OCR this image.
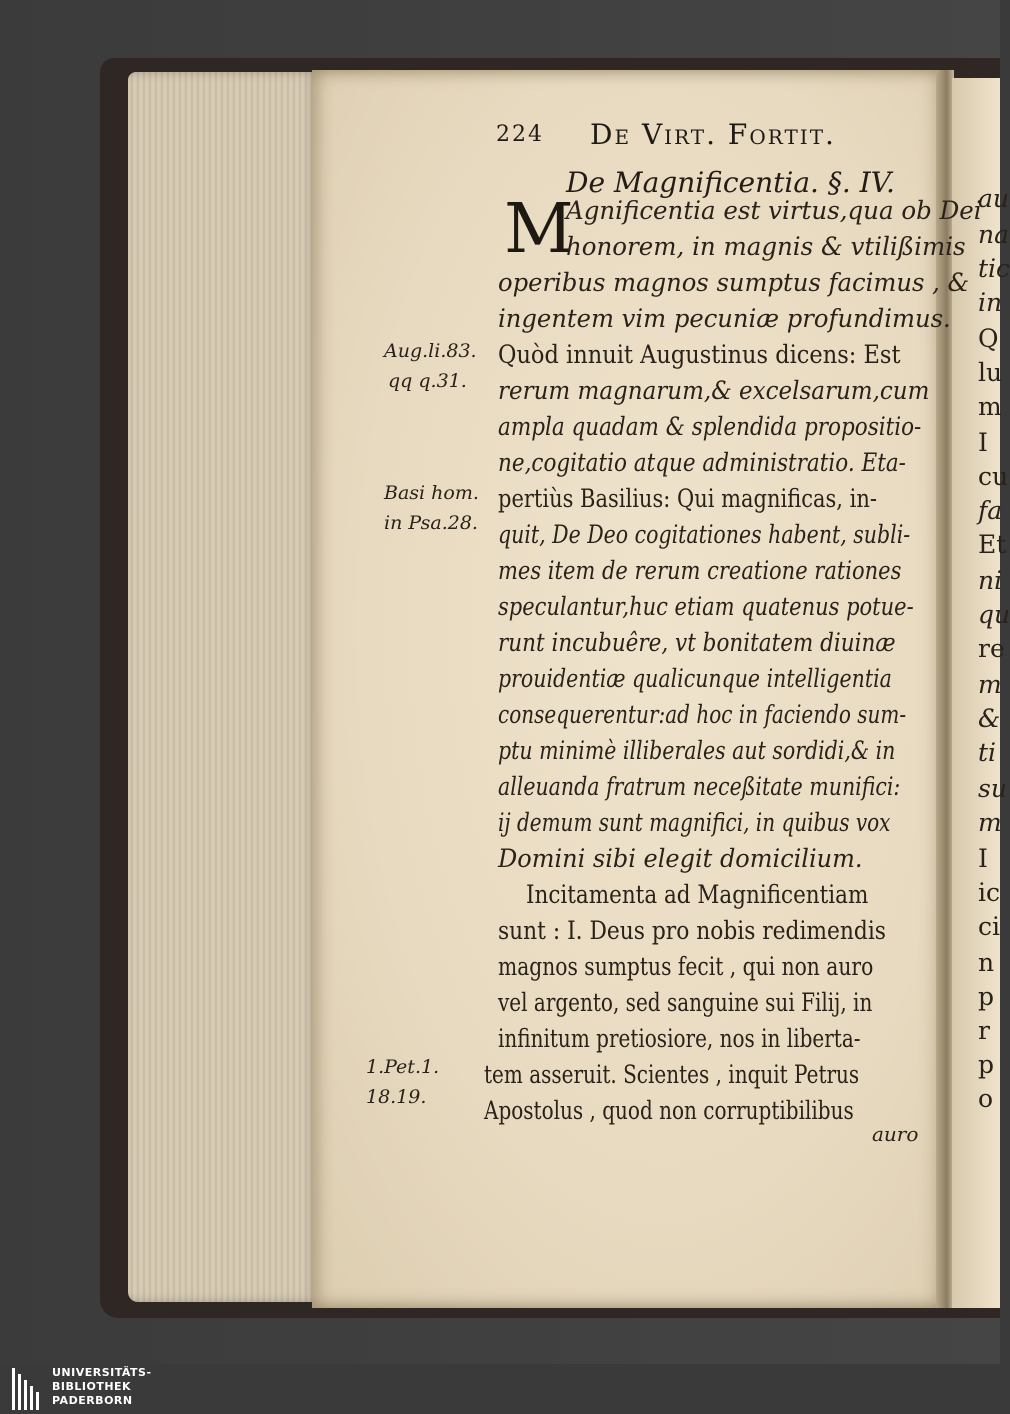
au
na
tic
in
Q
lu
m
I
cu
fa
Et
ni
qu
re
m
&
ti
su
m
I
ic
ci
n
p
r
p
o
224 De Virt. Fortit.
De Magnificentia. §. IV.
M
Agnificentia est virtus,qua ob Dei
honorem, in magnis & vtilißimis
operibus magnos sumptus facimus , &
ingentem vim pecuniæ profundimus.
Quòd innuit Augustinus dicens: Est
rerum magnarum,& excelsarum,cum
ampla quadam & splendida propositio-
ne,cogitatio atque administratio. Eta-
pertiùs Basilius: Qui magnificas, in-
quit, De Deo cogitationes habent, subli-
mes item de rerum creatione rationes
speculantur,huc etiam quatenus potue-
runt incubuêre, vt bonitatem diuinæ
prouidentiæ qualicunque intelligentia
consequerentur:ad hoc in faciendo sum-
ptu minimè illiberales aut sordidi,& in
alleuanda fratrum neceßitate munifici:
ij demum sunt magnifici, in quibus vox
Domini sibi elegit domicilium.
Incitamenta ad Magnificentiam
sunt : I. Deus pro nobis redimendis
magnos sumptus fecit , qui non auro
vel argento, sed sanguine sui Filij, in
infinitum pretiosiore, nos in liberta-
tem asseruit. Scientes , inquit Petrus
Apostolus , quod non corruptibilibus
auro
Aug.li.83.
qq q.31.
Basi hom.
in Psa.28.
1.Pet.1.
18.19.
UNIVERSITÄTS-
BIBLIOTHEK
PADERBORN
